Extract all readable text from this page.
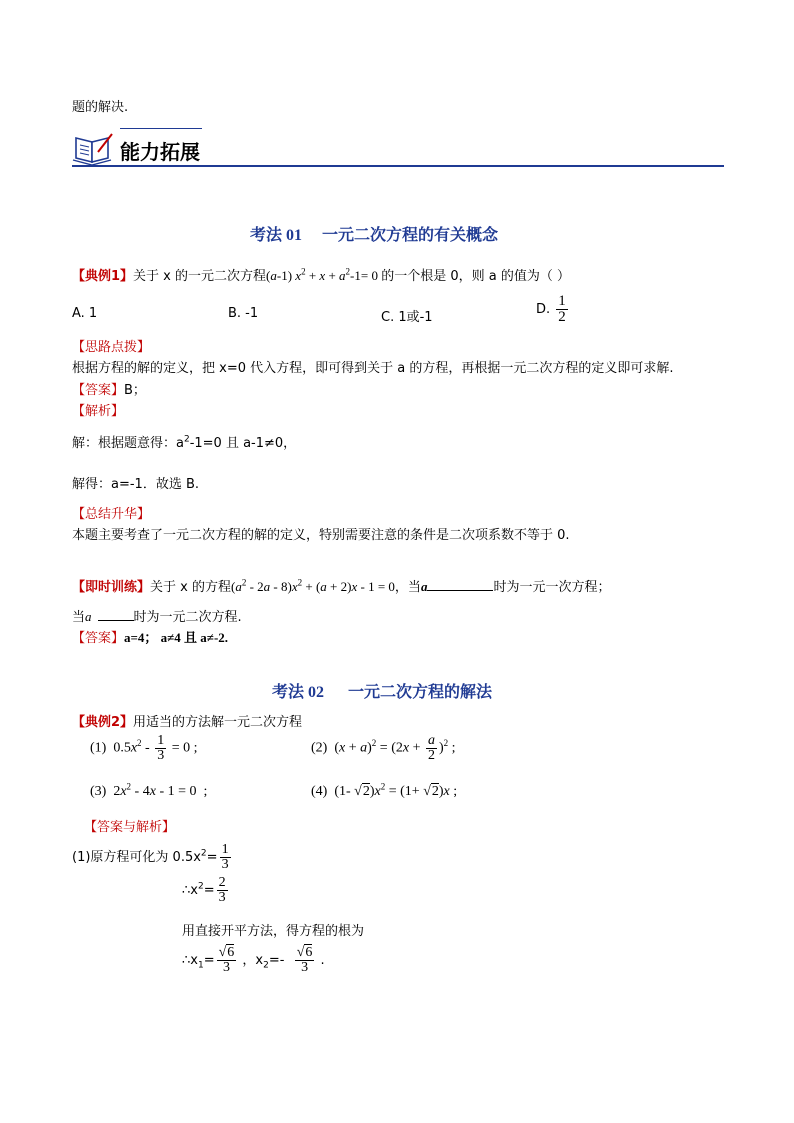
题的解决.
能力拓展
考法 01     一元二次方程的有关概念
【典例1】关于 x 的一元二次方程(a-1) $x^2 + x + a^2-1= 0$ 的一个根是 0，则 a 的值为（ ）
A. 1	B. -1	C. 1或-1
D. $\frac{1}{2}$
【思路点拨】
根据方程的解的定义，把 x=0 代入方程，即可得到关于 a 的方程，再根据一元二次方程的定义即可求解.
【答案】B；
【解析】
解：根据题意得：$a^2-1=0$ 且 a-1≠0，
解得：a=-1．故选 B.
【总结升华】
本题主要考查了一元二次方程的解的定义，特别需要注意的条件是二次项系数不等于 0.
【即时训练】关于 x 的方程$(a^2 - 2a - 8)x^2 + (a + 2)x - 1 = 0$，当a	时为一元一次方程；
当a	时为一元二次方程.
【答案】a=4； a≠4 且 a≠-2.
考法 02      一元二次方程的解法
【典例2】用适当的方法解一元二次方程
(1)  $0.5x^2 - \frac{1}{3} = 0$ ;	(2)  $(x + a)^2 = (2x + \frac{a}{2} )^2$ ;
(3)  $2x^2 - 4x - 1 = 0$  ;	(4)  (1- $√2)x^2 = (1+ √2)x$ ;
【答案与解析】
(1)原方程可化为 $0.5x^2= \frac{1}{3}$
$\therefore x^2= \frac{2}{3}$
用直接开平方法，得方程的根为
$\therefore x_1= \frac{√6}{3}$ ，$x_2=- \frac{√6}{3}$ .
